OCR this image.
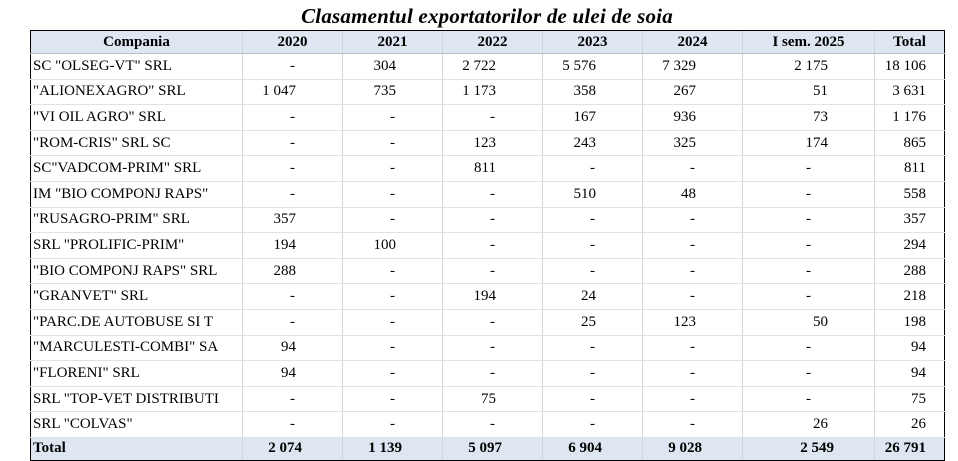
Clasamentul exportatorilor de ulei de soia
Compania	2020	2021	2022	2023	2024	I sem. 2025	Total
SC "OLSEG-VT" SRL	-	304	2 722	5 576	7 329	2 175	18 106
"ALIONEXAGRO" SRL	1 047	735	1 173	358	267	51	3 631
"VI OIL AGRO" SRL	-	-	-	167	936	73	1 176
"ROM-CRIS" SRL SC	-	-	123	243	325	174	865
SC"VADCOM-PRIM" SRL	-	-	811	-	-	-	811
IM "BIO COMPONJ RAPS"	-	-	-	510	48	-	558
"RUSAGRO-PRIM" SRL	357	-	-	-	-	-	357
SRL "PROLIFIC-PRIM"	194	100	-	-	-	-	294
"BIO COMPONJ RAPS" SRL	288	-	-	-	-	-	288
"GRANVET" SRL	-	-	194	24	-	-	218
"PARC.DE AUTOBUSE SI T	-	-	-	25	123	50	198
"MARCULESTI-COMBI" SA	94	-	-	-	-	-	94
"FLORENI" SRL	94	-	-	-	-	-	94
SRL "TOP-VET DISTRIBUTI	-	-	75	-	-	-	75
SRL "COLVAS"	-	-	-	-	-	26	26
Total	2 074	1 139	5 097	6 904	9 028	2 549	26 791
